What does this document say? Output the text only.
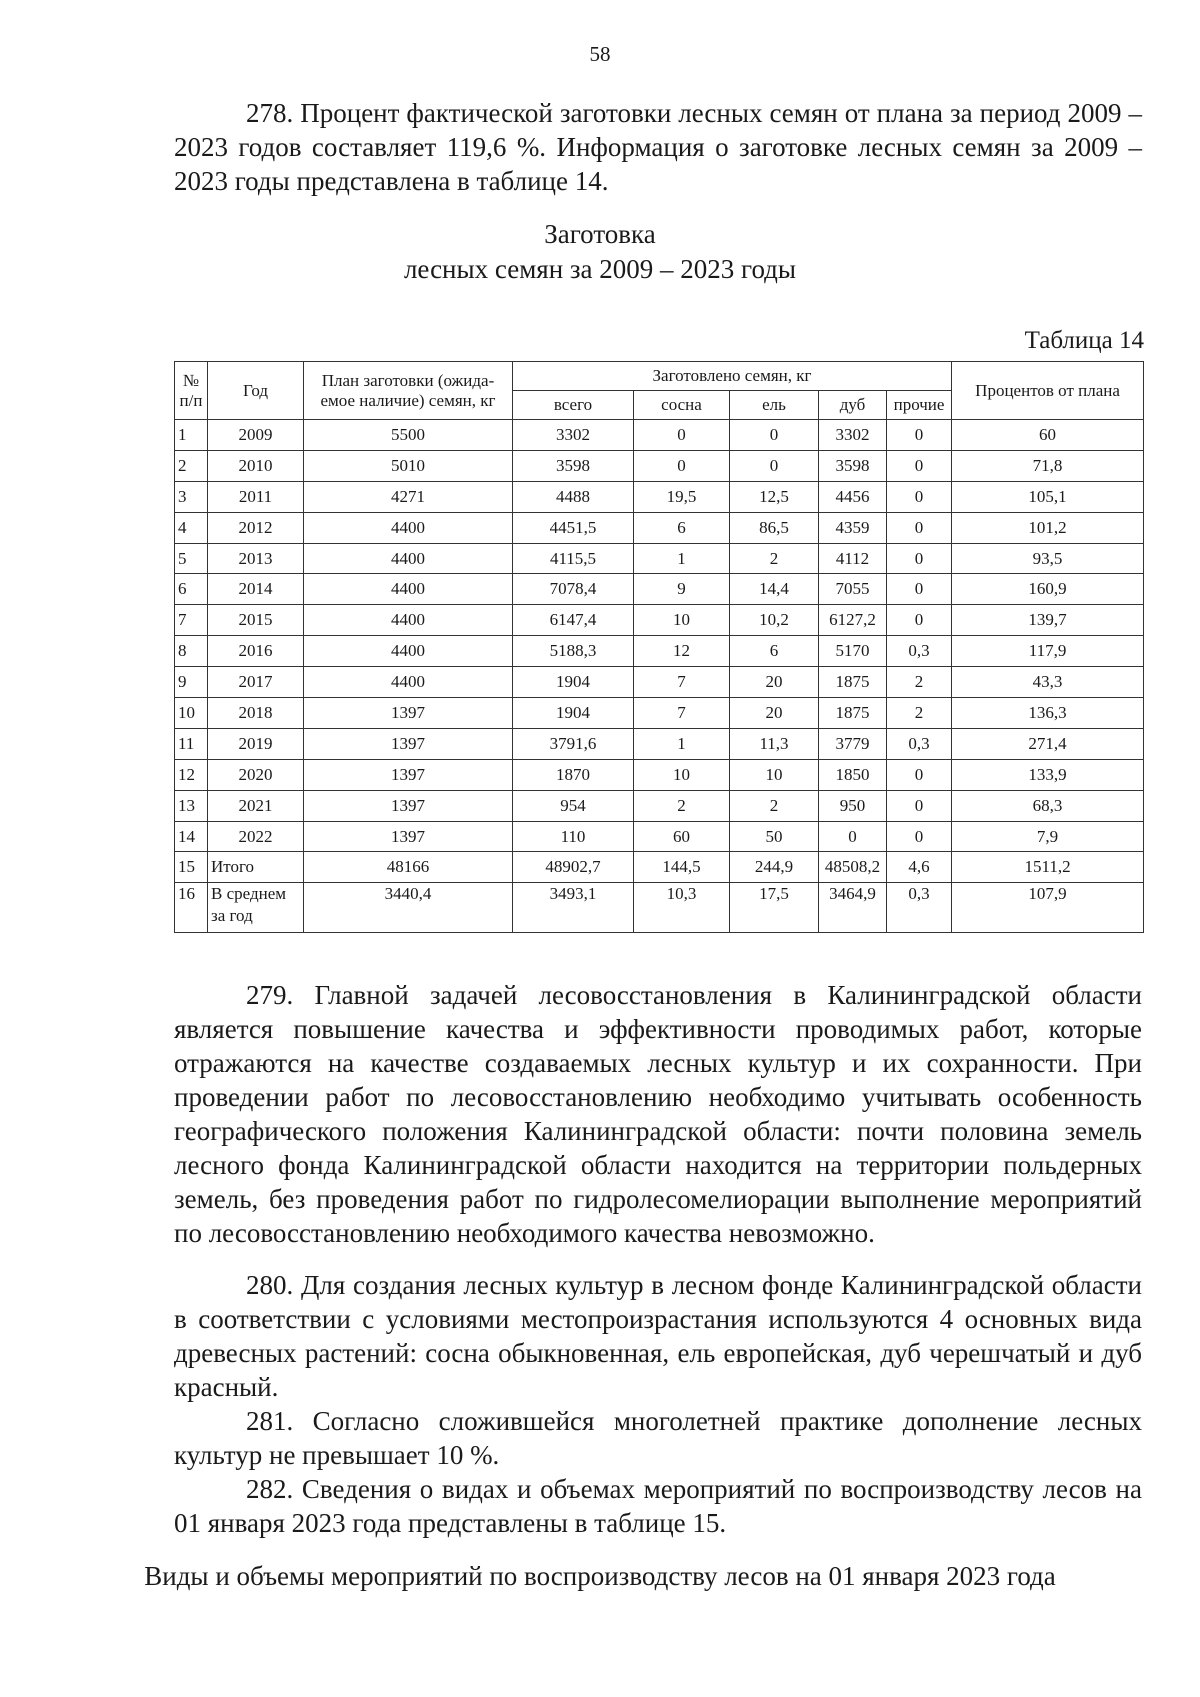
58

278. Процент фактической заготовки лесных семян от плана за период 2009 – 2023 годов составляет 119,6 %. Информация о заготовке лесных семян за 2009 – 2023 годы представлена в таблице 14.

Заготовка
лесных семян за 2009 – 2023 годы
Таблица 14
№ п/п	Год	План заготовки (ожида-емое наличие) семян, кг	Заготовлено семян, кг					Процентов от плана
			всего	сосна	ель	дуб	прочие	
1	2009	5500	3302	0	0	3302	0	60
2	2010	5010	3598	0	0	3598	0	71,8
3	2011	4271	4488	19,5	12,5	4456	0	105,1
4	2012	4400	4451,5	6	86,5	4359	0	101,2
5	2013	4400	4115,5	1	2	4112	0	93,5
6	2014	4400	7078,4	9	14,4	7055	0	160,9
7	2015	4400	6147,4	10	10,2	6127,2	0	139,7
8	2016	4400	5188,3	12	6	5170	0,3	117,9
9	2017	4400	1904	7	20	1875	2	43,3
10	2018	1397	1904	7	20	1875	2	136,3
11	2019	1397	3791,6	1	11,3	3779	0,3	271,4
12	2020	1397	1870	10	10	1850	0	133,9
13	2021	1397	954	2	2	950	0	68,3
14	2022	1397	110	60	50	0	0	7,9
15	Итого	48166	48902,7	144,5	244,9	48508,2	4,6	1511,2
16	В среднем за год	3440,4	3493,1	10,3	17,5	3464,9	0,3	107,9

279. Главной задачей лесовосстановления в Калининградской области является повышение качества и эффективности проводимых работ, которые отражаются на качестве создаваемых лесных культур и их сохранности. При проведении работ по лесовосстановлению необходимо учитывать особенность географического положения Калининградской области: почти половина земель лесного фонда Калининградской области находится на территории польдерных земель, без проведения работ по гидролесомелиорации выполнение мероприятий по лесовосстановлению необходимого качества невозможно.

280. Для создания лесных культур в лесном фонде Калининградской области в соответствии с условиями местопроизрастания используются 4 основных вида древесных растений: сосна обыкновенная, ель европейская, дуб черешчатый и дуб красный.

281. Согласно сложившейся многолетней практике дополнение лесных культур не превышает 10 %.

282. Сведения о видах и объемах мероприятий по воспроизводству лесов на 01 января 2023 года представлены в таблице 15.

Виды и объемы мероприятий по воспроизводству лесов на 01 января 2023 года
